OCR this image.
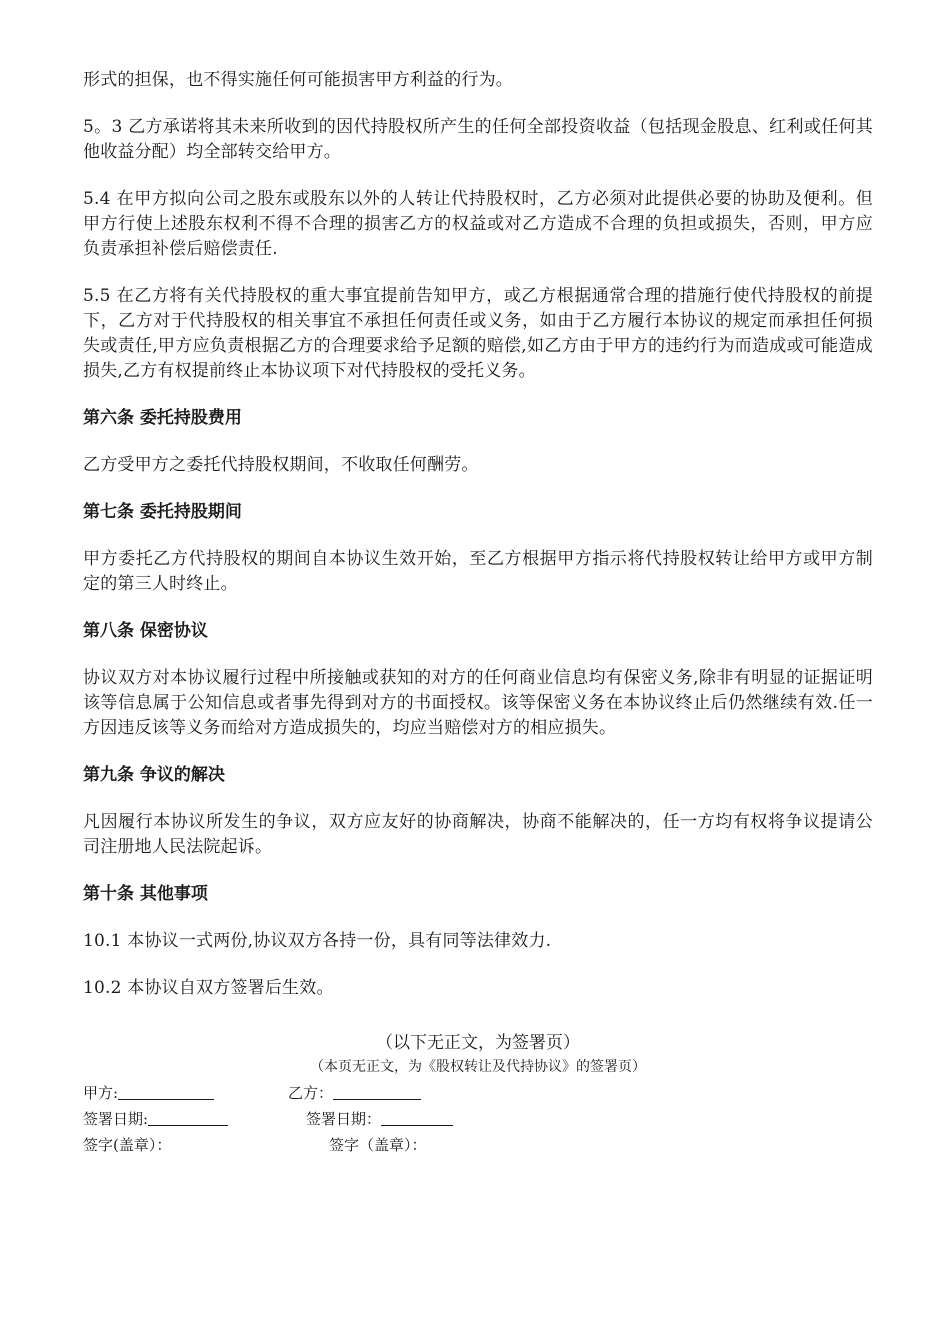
形式的担保，也不得实施任何可能损害甲方利益的行为。

5。3 乙方承诺将其未来所收到的因代持股权所产生的任何全部投资收益（包括现金股息、红利或任何其他收益分配）均全部转交给甲方。

5.4 在甲方拟向公司之股东或股东以外的人转让代持股权时，乙方必须对此提供必要的协助及便利。但甲方行使上述股东权利不得不合理的损害乙方的权益或对乙方造成不合理的负担或损失，否则，甲方应负责承担补偿后赔偿责任.

5.5 在乙方将有关代持股权的重大事宜提前告知甲方，或乙方根据通常合理的措施行使代持股权的前提下，乙方对于代持股权的相关事宜不承担任何责任或义务，如由于乙方履行本协议的规定而承担任何损失或责任,甲方应负责根据乙方的合理要求给予足额的赔偿,如乙方由于甲方的违约行为而造成或可能造成损失,乙方有权提前终止本协议项下对代持股权的受托义务。

第六条 委托持股费用

乙方受甲方之委托代持股权期间，不收取任何酬劳。

第七条 委托持股期间

甲方委托乙方代持股权的期间自本协议生效开始，至乙方根据甲方指示将代持股权转让给甲方或甲方制定的第三人时终止。

第八条 保密协议

协议双方对本协议履行过程中所接触或获知的对方的任何商业信息均有保密义务,除非有明显的证据证明该等信息属于公知信息或者事先得到对方的书面授权。该等保密义务在本协议终止后仍然继续有效.任一方因违反该等义务而给对方造成损失的，均应当赔偿对方的相应损失。

第九条 争议的解决

凡因履行本协议所发生的争议，双方应友好的协商解决，协商不能解决的，任一方均有权将争议提请公司注册地人民法院起诉。

第十条 其他事项

10.1 本协议一式两份,协议双方各持一份，具有同等法律效力.

10.2 本协议自双方签署后生效。

（以下无正文，为签署页）
（本页无正文，为《股权转让及代持协议》的签署页）
甲方:	乙方：
签署日期:	签署日期：
签字(盖章）：	签字（盖章）：
